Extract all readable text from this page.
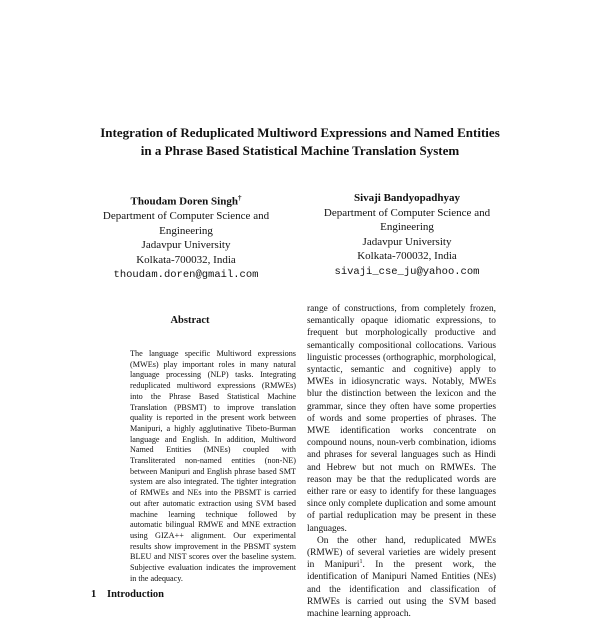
Integration of Reduplicated Multiword Expressions and Named Entities
in a Phrase Based Statistical Machine Translation System
Thoudam Doren Singh†
Department of Computer Science and
Engineering
Jadavpur University
Kolkata-700032, India
thoudam.doren@gmail.com
Sivaji Bandyopadhyay
Department of Computer Science and
Engineering
Jadavpur University
Kolkata-700032, India
sivaji_cse_ju@yahoo.com
Abstract

The language specific Multiword expressions (MWEs) play important roles in many natural language processing (NLP) tasks. Integrating reduplicated multiword expressions (RMWEs) into the Phrase Based Statistical Machine Translation (PBSMT) to improve translation quality is reported in the present work between Manipuri, a highly agglutinative Tibeto-Burman language and English. In addition, Multiword Named Entities (MNEs) coupled with Transliterated non-named entities (non-NE) between Manipuri and English phrase based SMT system are also integrated. The tighter integration of RMWEs and NEs into the PBSMT is carried out after automatic extraction using SVM based machine learning technique followed by automatic bilingual RMWE and MNE extraction using GIZA++ alignment. Our experimental results show improvement in the PBSMT system BLEU and NIST scores over the baseline system. Subjective evaluation indicates the improvement in the adequacy.

range of constructions, from completely frozen, semantically opaque idiomatic expressions, to frequent but morphologically productive and semantically compositional collocations. Various linguistic processes (orthographic, morphological, syntactic, semantic and cognitive) apply to MWEs in idiosyncratic ways. Notably, MWEs blur the distinction between the lexicon and the grammar, since they often have some properties of words and some properties of phrases. The MWE identification works concentrate on compound nouns, noun-verb combination, idioms and phrases for several languages such as Hindi and Hebrew but not much on RMWEs. The reason may be that the reduplicated words are either rare or easy to identify for these languages since only complete duplication and some amount of partial reduplication may be present in these languages.

On the other hand, reduplicated MWEs (RMWE) of several varieties are widely present in Manipuri$^1$. In the present work, the identification of Manipuri Named Entities (NEs) and the identification and classification of RMWEs is carried out using the SVM based machine learning approach.

1 Introduction
